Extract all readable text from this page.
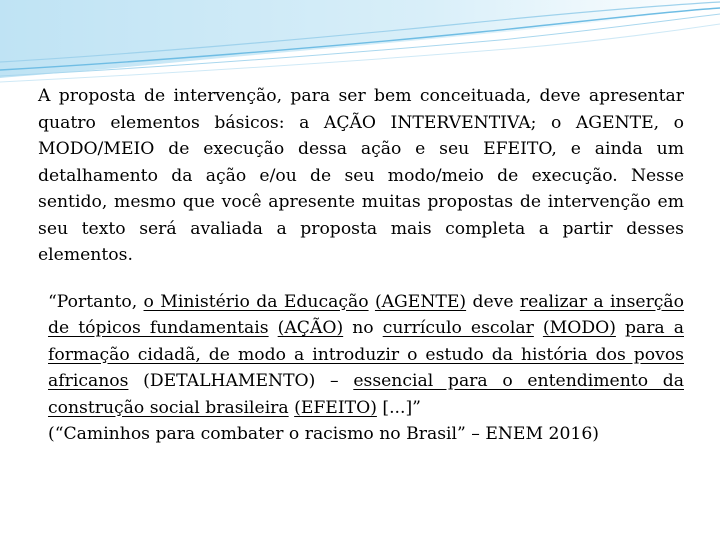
A proposta de intervenção, para ser bem conceituada, deve apresentar quatro elementos básicos: a AÇÃO INTERVENTIVA; o AGENTE, o MODO/MEIO de execução dessa ação e seu EFEITO, e ainda um detalhamento da ação e/ou de seu modo/meio de execução. Nesse sentido, mesmo que você apresente muitas propostas de intervenção em seu texto será avaliada a proposta mais completa a partir desses elementos.

“Portanto, o Ministério da Educação (AGENTE) deve realizar a inserção de tópicos fundamentais (AÇÃO) no currículo escolar (MODO) para a formação cidadã, de modo a introduzir o estudo da história dos povos africanos (DETALHAMENTO) – essencial para o entendimento da construção social brasileira (EFEITO) [...]”
(“Caminhos para combater o racismo no Brasil” – ENEM 2016)
